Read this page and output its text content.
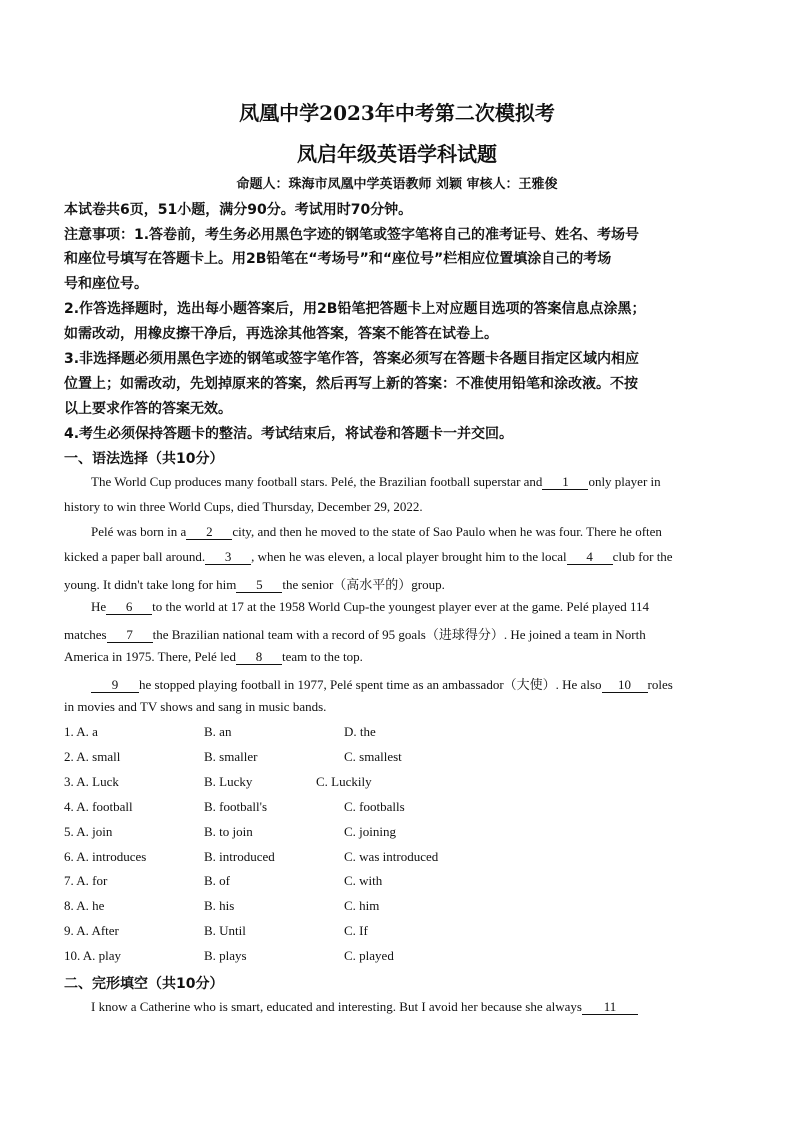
凤凰中学2023年中考第二次模拟考
凤启年级英语学科试题
命题人：珠海市凤凰中学英语教师 刘颖 审核人：王雅俊
本试卷共6页，51小题，满分90分。考试用时70分钟。
注意事项：1.答卷前，考生务必用黑色字迹的钢笔或签字笔将自己的准考证号、姓名、考场号
和座位号填写在答题卡上。用2B铅笔在“考场号”和“座位号”栏相应位置填涂自己的考场
号和座位号。
2.作答选择题时，选出每小题答案后，用2B铅笔把答题卡上对应题目选项的答案信息点涂黑；
如需改动，用橡皮擦干净后，再选涂其他答案，答案不能答在试卷上。
3.非选择题必须用黑色字迹的钢笔或签字笔作答，答案必须写在答题卡各题目指定区域内相应
位置上；如需改动，先划掉原来的答案，然后再写上新的答案：不准使用铅笔和涂改液。不按
以上要求作答的答案无效。
4.考生必须保持答题卡的整洁。考试结束后，将试卷和答题卡一并交回。
一、语法选择（共10分）
The World Cup produces many football stars. Pelé, the Brazilian football superstar and 1 only player in
history to win three World Cups, died Thursday, December 29, 2022.
Pelé was born in a 2 city, and then he moved to the state of Sao Paulo when he was four. There he often
kicked a paper ball around. 3 , when he was eleven, a local player brought him to the local 4 club for the
young. It didn't take long for him 5 the senior（高水平的）group.
He 6 to the world at 17 at the 1958 World Cup-the youngest player ever at the game. Pelé played 114
matches 7 the Brazilian national team with a record of 95 goals（进球得分）. He joined a team in North
America in 1975. There, Pelé led 8 team to the top.
9 he stopped playing football in 1977, Pelé spent time as an ambassador（大使）. He also 10 roles
in movies and TV shows and sang in music bands.
1. A. a	B. an	D. the
2. A. small	B. smaller	C. smallest
3. A. Luck	B. Lucky	C. Luckily
4. A. football	B. football's	C. footballs
5. A. join	B. to join	C. joining
6. A. introduces	B. introduced	C. was introduced
7. A. for	B. of	C. with
8. A. he	B. his	C. him
9. A. After	B. Until	C. If
10. A. play	B. plays	C. played
二、完形填空（共10分）
I know a Catherine who is smart, educated and interesting. But I avoid her because she always 11
